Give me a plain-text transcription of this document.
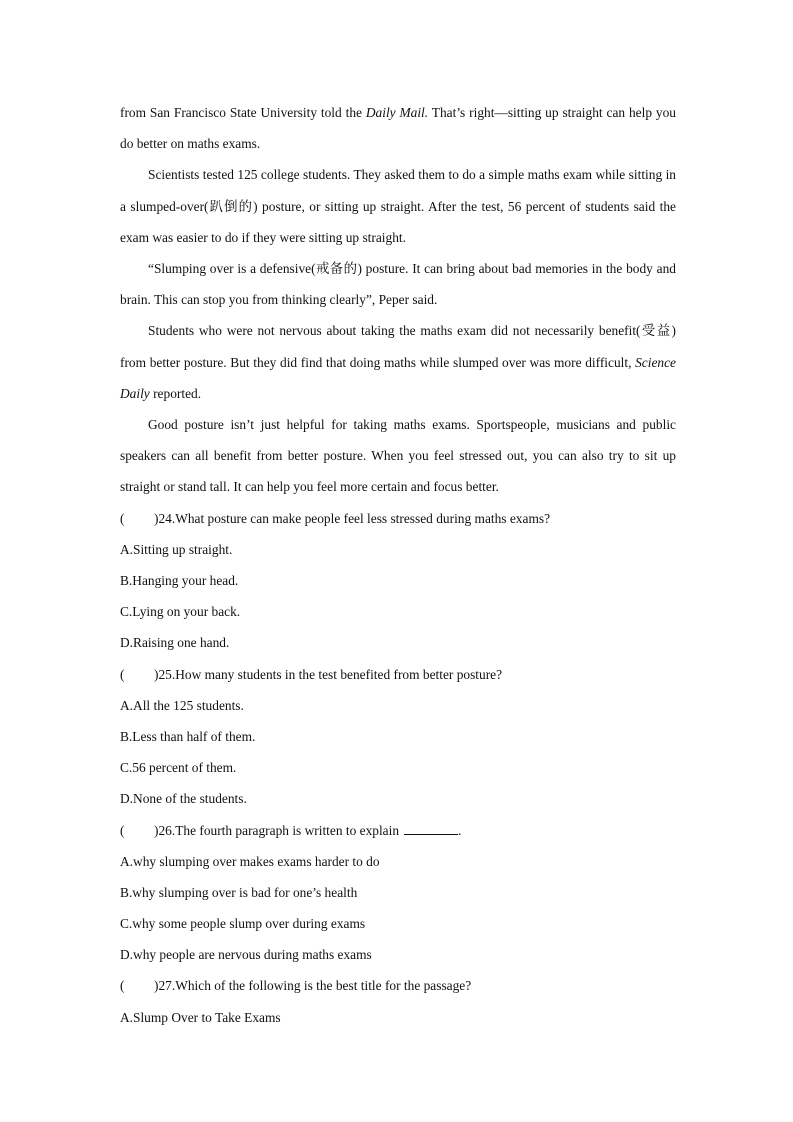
from San Francisco State University told the Daily Mail. That’s right—sitting up straight can help you do better on maths exams.
Scientists tested 125 college students. They asked them to do a simple maths exam while sitting in a slumped-over(趴倒的) posture, or sitting up straight. After the test, 56 percent of students said the exam was easier to do if they were sitting up straight.
“Slumping over is a defensive(戒备的) posture. It can bring about bad memories in the body and brain. This can stop you from thinking clearly”, Peper said.
Students who were not nervous about taking the maths exam did not necessarily benefit(受益) from better posture. But they did find that doing maths while slumped over was more difficult, Science Daily reported.
Good posture isn’t just helpful for taking maths exams. Sportspeople, musicians and public speakers can all benefit from better posture. When you feel stressed out, you can also try to sit up straight or stand tall. It can help you feel more certain and focus better.
( )24.What posture can make people feel less stressed during maths exams?
A.Sitting up straight.
B.Hanging your head.
C.Lying on your back.
D.Raising one hand.
( )25.How many students in the test benefited from better posture?
A.All the 125 students.
B.Less than half of them.
C.56 percent of them.
D.None of the students.
( )26.The fourth paragraph is written to explain	.
A.why slumping over makes exams harder to do
B.why slumping over is bad for one’s health
C.why some people slump over during exams
D.why people are nervous during maths exams
( )27.Which of the following is the best title for the passage?
A.Slump Over to Take Exams
